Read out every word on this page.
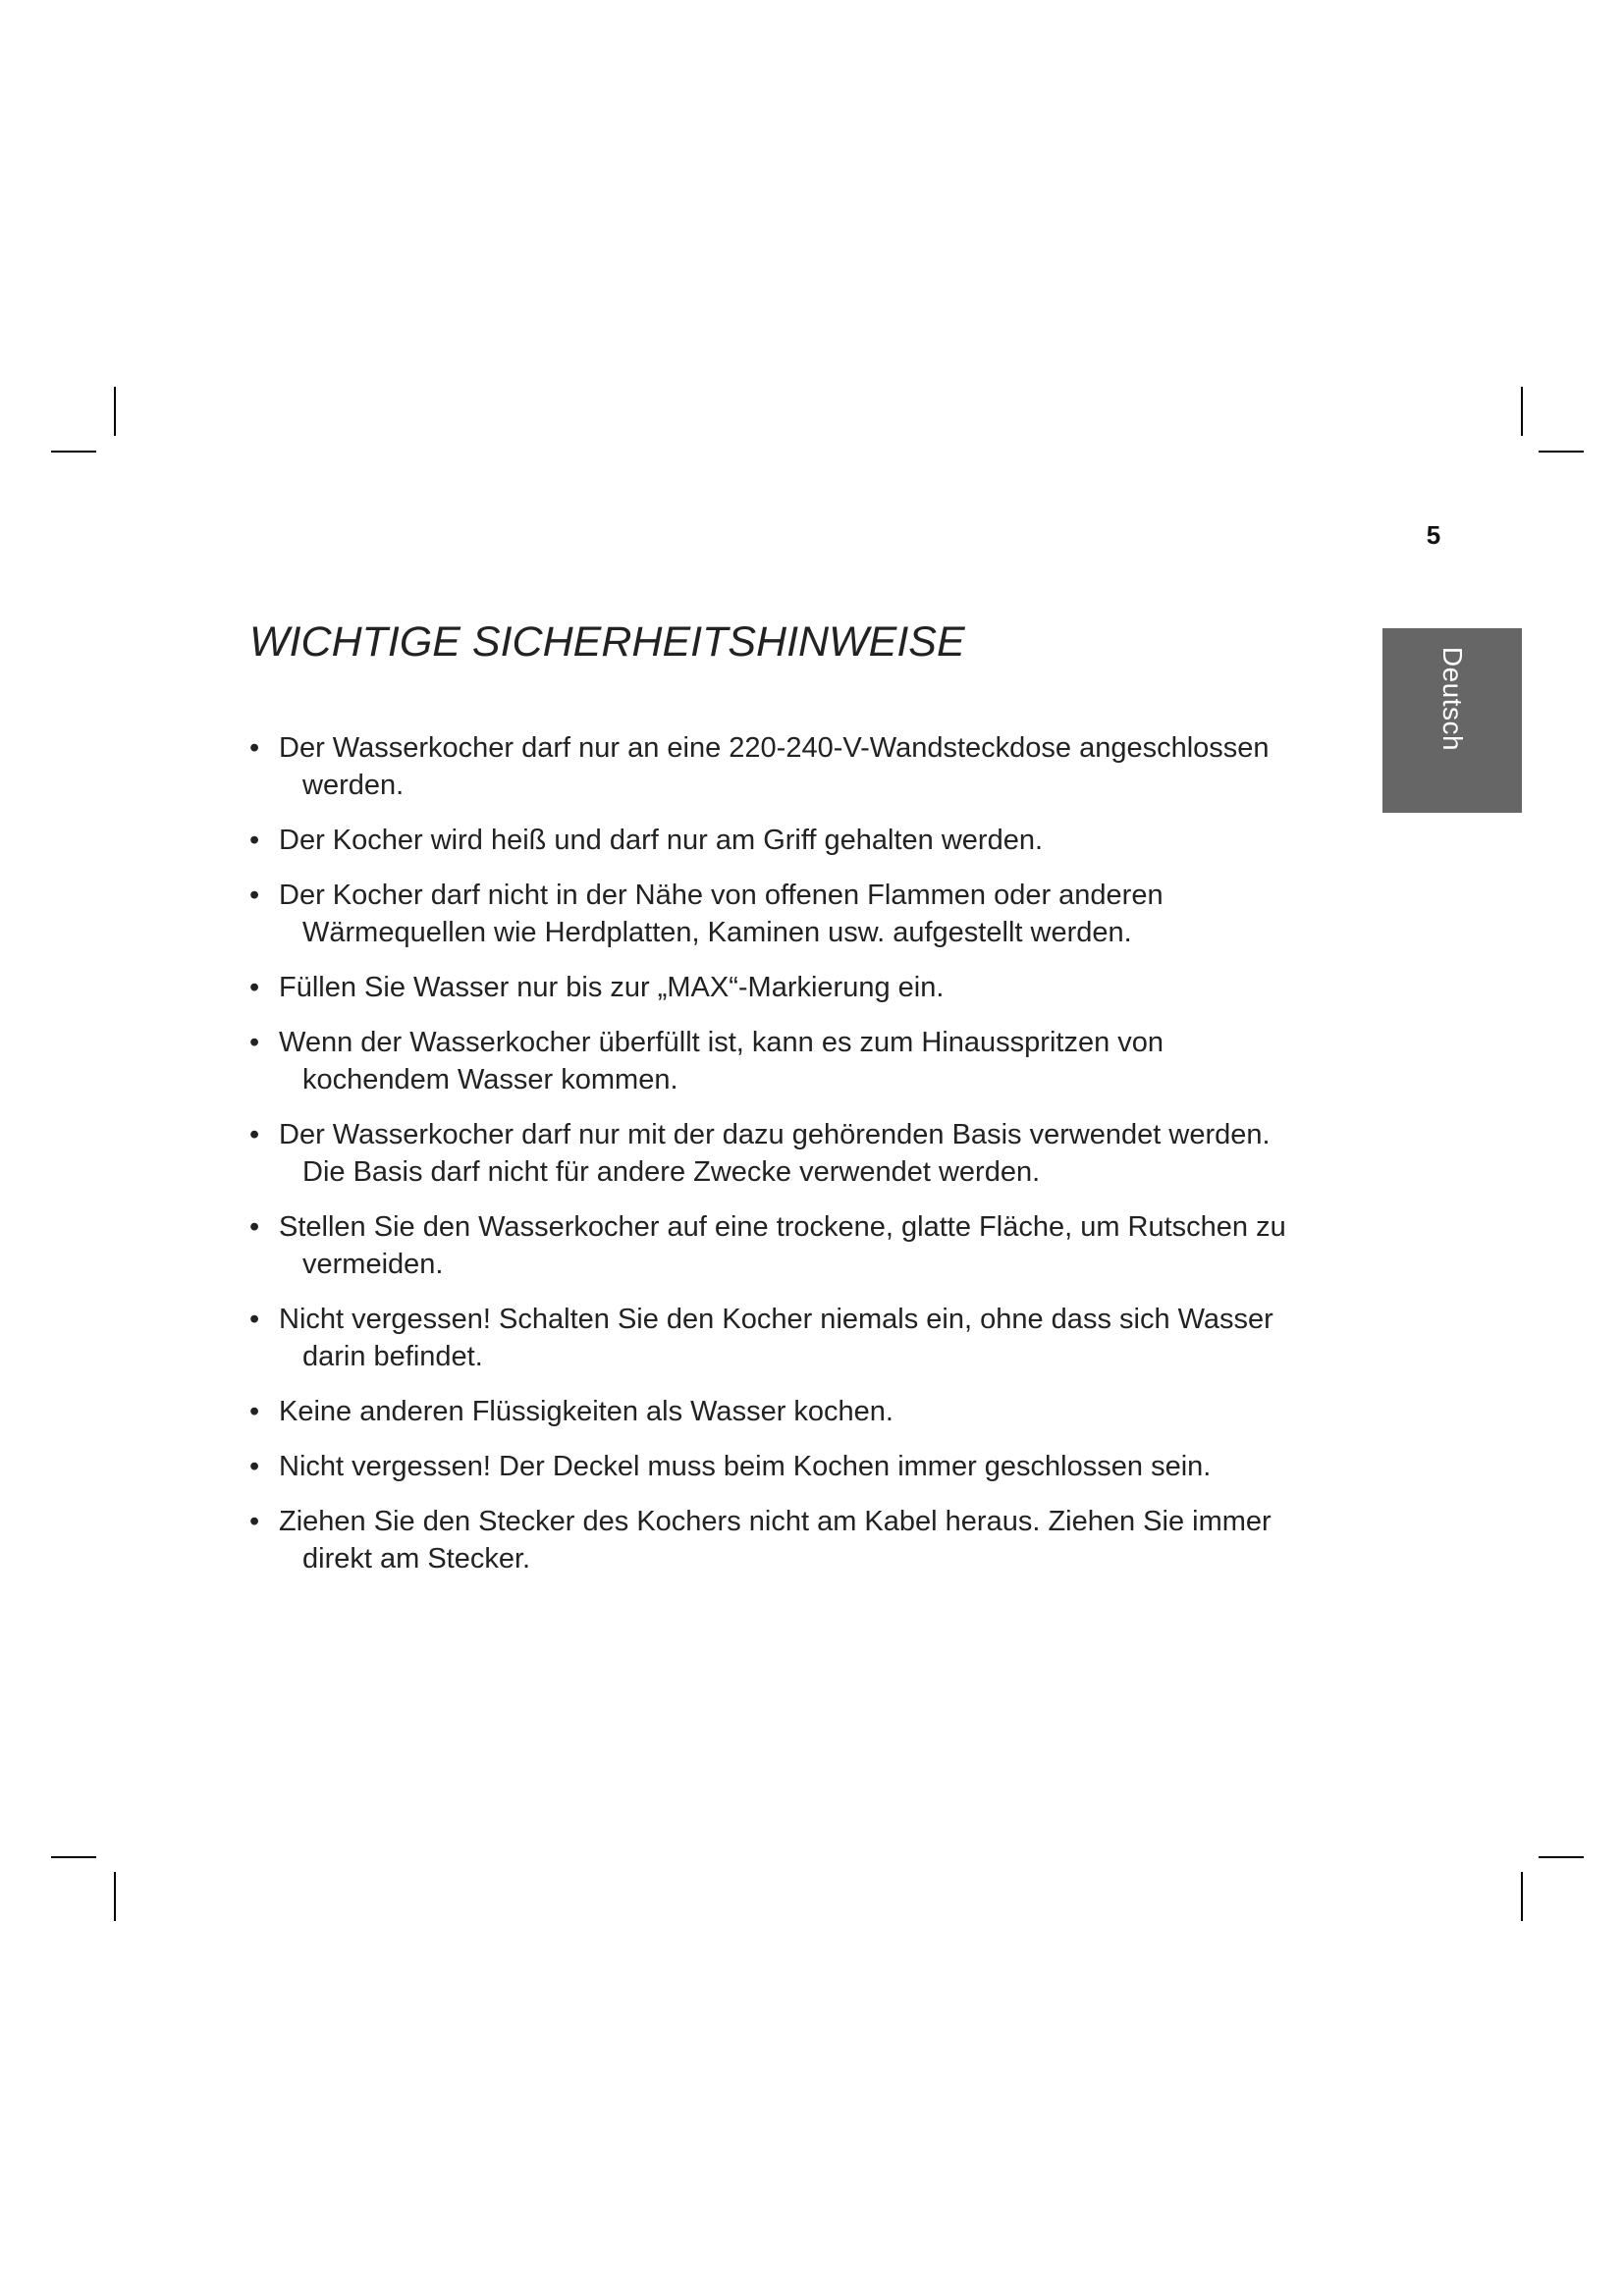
5
Deutsch
WICHTIGE SICHERHEITSHINWEISE
• Der Wasserkocher darf nur an eine 220-240-V-Wandsteckdose angeschlossen
werden.
• Der Kocher wird heiß und darf nur am Griff gehalten werden.
• Der Kocher darf nicht in der Nähe von offenen Flammen oder anderen
Wärmequellen wie Herdplatten, Kaminen usw. aufgestellt werden.
• Füllen Sie Wasser nur bis zur „MAX“-Markierung ein.
• Wenn der Wasserkocher überfüllt ist, kann es zum Hinausspritzen von
kochendem Wasser kommen.
• Der Wasserkocher darf nur mit der dazu gehörenden Basis verwendet werden.
Die Basis darf nicht für andere Zwecke verwendet werden.
• Stellen Sie den Wasserkocher auf eine trockene, glatte Fläche, um Rutschen zu
vermeiden.
• Nicht vergessen! Schalten Sie den Kocher niemals ein, ohne dass sich Wasser
darin befindet.
• Keine anderen Flüssigkeiten als Wasser kochen.
• Nicht vergessen! Der Deckel muss beim Kochen immer geschlossen sein.
• Ziehen Sie den Stecker des Kochers nicht am Kabel heraus. Ziehen Sie immer
direkt am Stecker.
